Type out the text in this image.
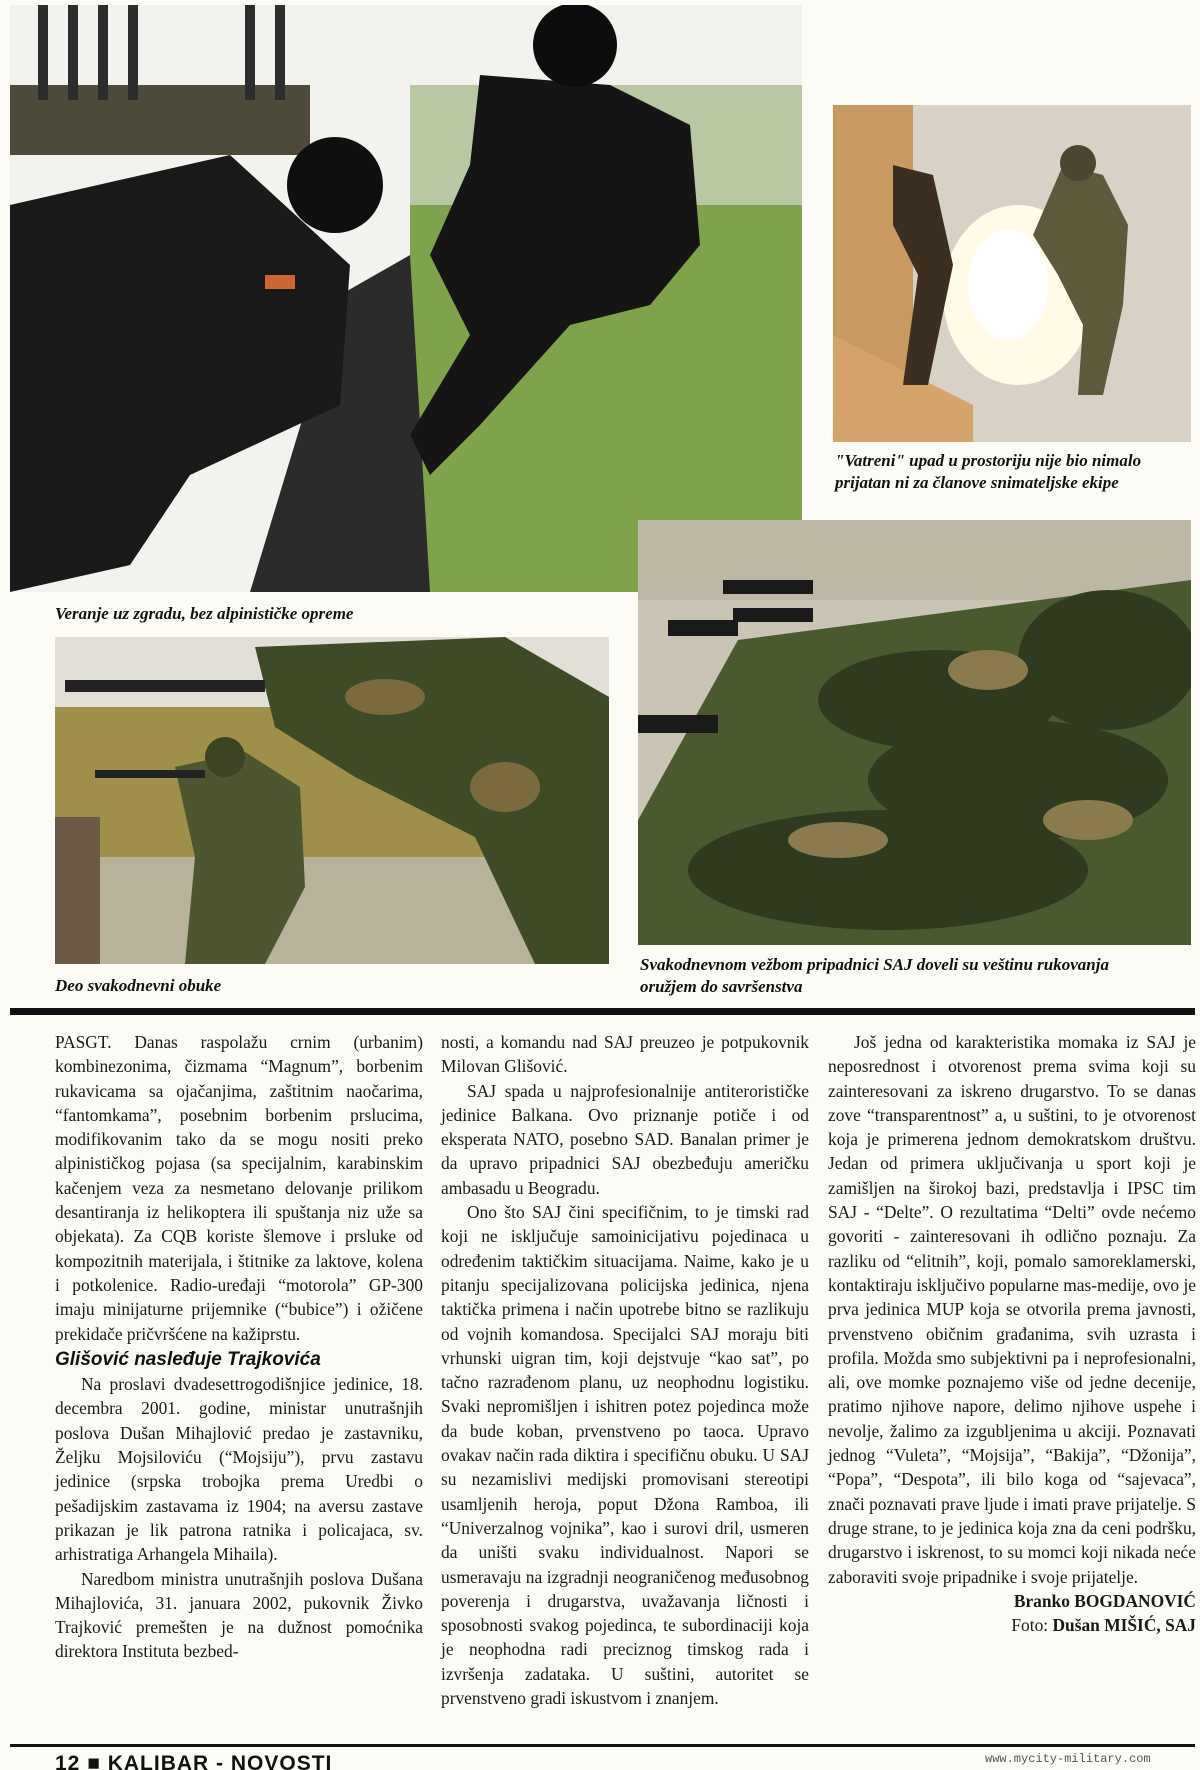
"Vatreni" upad u prostoriju nije bio nimalo
prijatan ni za članove snimateljske ekipe
Veranje uz zgradu, bez alpinističke opreme
Deo svakodnevni obuke
Svakodnevnom vežbom pripadnici SAJ doveli su veštinu rukovanja
oružjem do savršenstva

PASGT. Danas raspolažu crnim (urbanim) kombinezonima, čizmama “Magnum”, borbenim rukavicama sa ojačanjima, zaštitnim naočarima, “fantomkama”, posebnim borbenim prslucima, modifikovanim tako da se mogu nositi preko alpinističkog pojasa (sa specijalnim, karabinskim kačenjem veza za nesmetano delovanje prilikom desantiranja iz helikoptera ili spuštanja niz uže sa objekata). Za CQB koriste šlemove i prsluke od kompozitnih materijala, i štitnike za laktove, kolena i potkolenice. Radio-uređaji “motorola” GP-300 imaju minijaturne prijemnike (“bubice”) i ožičene prekidače pričvršćene na kažiprstu.

Glišović nasleđuje Trajkovića

Na proslavi dvadesettrogodišnjice jedinice, 18. decembra 2001. godine, ministar unutrašnjih poslova Dušan Mihajlović predao je zastavniku, Željku Mojsiloviću (“Mojsiju”), prvu zastavu jedinice (srpska trobojka prema Uredbi o pešadijskim zastavama iz 1904; na aversu zastave prikazan je lik patrona ratnika i policajaca, sv. arhistratiga Arhangela Mihaila).

Naredbom ministra unutrašnjih poslova Dušana Mihajlovića, 31. januara 2002, pukovnik Živko Trajković premešten je na dužnost pomoćnika direktora Instituta bezbed-

nosti, a komandu nad SAJ preuzeo je potpukovnik Milovan Glišović.

SAJ spada u najprofesionalnije antiterorističke jedinice Balkana. Ovo priznanje potiče i od eksperata NATO, posebno SAD. Banalan primer je da upravo pripadnici SAJ obezbeđuju američku ambasadu u Beogradu.

Ono što SAJ čini specifičnim, to je timski rad koji ne isključuje samoinicijativu pojedinaca u određenim taktičkim situacijama. Naime, kako je u pitanju specijalizovana policijska jedinica, njena taktička primena i način upotrebe bitno se razlikuju od vojnih komandosa. Specijalci SAJ moraju biti vrhunski uigran tim, koji dejstvuje “kao sat”, po tačno razrađenom planu, uz neophodnu logistiku. Svaki nepromišljen i ishitren potez pojedinca može da bude koban, prvenstveno po taoca. Upravo ovakav način rada diktira i specifičnu obuku. U SAJ su nezamislivi medijski promovisani stereotipi usamljenih heroja, poput Džona Ramboa, ili “Univerzalnog vojnika”, kao i surovi dril, usmeren da uništi svaku individualnost. Napori se usmeravaju na izgradnji neograničenog međusobnog poverenja i drugarstva, uvažavanja ličnosti i sposobnosti svakog pojedinca, te subordinaciji koja je neophodna radi preciznog timskog rada i izvršenja zadataka. U suštini, autoritet se prvenstveno gradi iskustvom i znanjem.

Još jedna od karakteristika momaka iz SAJ je neposrednost i otvorenost prema svima koji su zainteresovani za iskreno drugarstvo. To se danas zove “transparentnost” a, u suštini, to je otvorenost koja je primerena jednom demokratskom društvu. Jedan od primera uključivanja u sport koji je zamišljen na širokoj bazi, predstavlja i IPSC tim SAJ - “Delte”. O rezultatima “Delti” ovde nećemo govoriti - zainteresovani ih odlično poznaju. Za razliku od “elitnih”, koji, pomalo samoreklamerski, kontaktiraju isključivo popularne mas-medije, ovo je prva jedinica MUP koja se otvorila prema javnosti, prvenstveno običnim građanima, svih uzrasta i profila. Možda smo subjektivni pa i neprofesionalni, ali, ove momke poznajemo više od jedne decenije, pratimo njihove napore, delimo njihove uspehe i nevolje, žalimo za izgubljenima u akciji. Poznavati jednog “Vuleta”, “Mojsija”, “Bakija”, “Džonija”, “Popa”, “Despota”, ili bilo koga od “sajevaca”, znači poznavati prave ljude i imati prave prijatelje. S druge strane, to je jedinica koja zna da ceni podršku, drugarstvo i iskrenost, to su momci koji nikada neće zaboraviti svoje pripadnike i svoje prijatelje.

Branko BOGDANOVIĆ
Foto: Dušan MIŠIĆ, SAJ
12 ■ KALIBAR - NOVOSTI	www.mycity-military.com
